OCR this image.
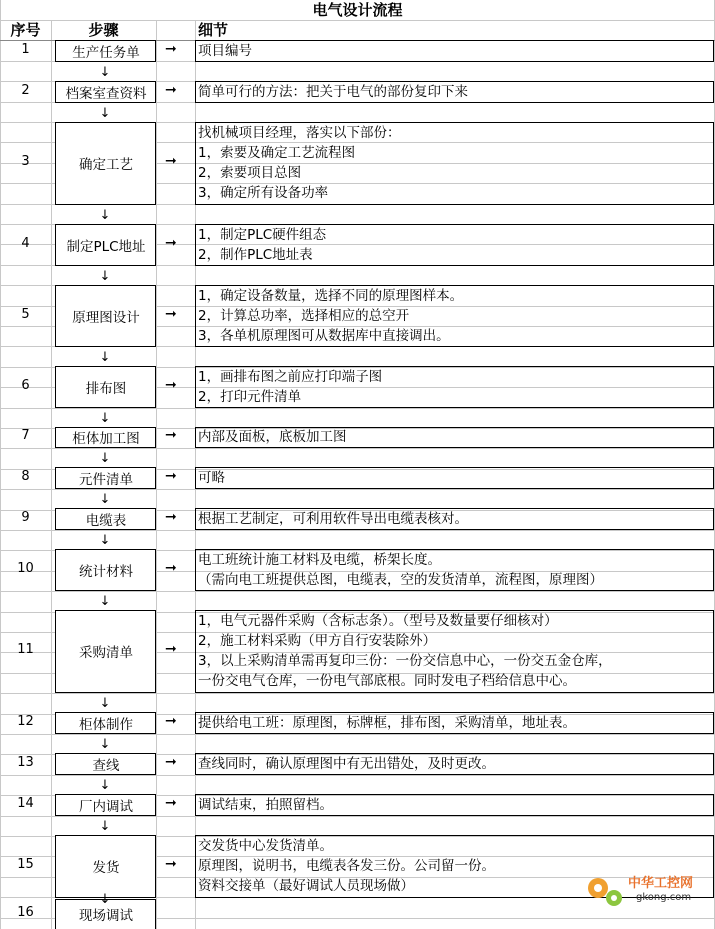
电气设计流程
序号	步骤	细节
1	生产任务单	➞ 项目编号
↓
2	档案室查资料	➞ 简单可行的方法：把关于电气的部份复印下来
↓
3	确定工艺	➞
找机械项目经理，落实以下部份：
1，索要及确定工艺流程图
2，索要项目总图
3，确定所有设备功率
↓
4	制定PLC地址	➞ 1，制定PLC硬件组态
2，制作PLC地址表
↓
5	原理图设计	➞
1，确定设备数量，选择不同的原理图样本。
2，计算总功率，选择相应的总空开
3，各单机原理图可从数据库中直接调出。
↓
6	排布图	➞ 1，画排布图之前应打印端子图
2，打印元件清单
↓
7	柜体加工图	➞ 内部及面板，底板加工图
↓
8	元件清单	➞ 可略
↓
9	电缆表	➞ 根据工艺制定，可利用软件导出电缆表核对。
↓
10	统计材料	➞ 电工班统计施工材料及电缆，桥架长度。
（需向电工班提供总图，电缆表，空的发货清单，流程图，原理图）
↓
11	采购清单	➞
1，电气元器件采购（含标志条）。（型号及数量要仔细核对）
2，施工材料采购（甲方自行安装除外）
3，以上采购清单需再复印三份：一份交信息中心，一份交五金仓库，
一份交电气仓库，一份电气部底根。同时发电子档给信息中心。
↓
12	柜体制作	➞ 提供给电工班：原理图，标牌框，排布图，采购清单，地址表。
↓
13	查线	➞ 查线同时，确认原理图中有无出错处，及时更改。
↓
14	厂内调试	➞ 调试结束，拍照留档。
↓
15	发货	➞
交发货中心发货清单。
原理图，说明书，电缆表各发三份。公司留一份。
资料交接单（最好调试人员现场做）
↓
16	现场调试
中华工控网
gkong.com
